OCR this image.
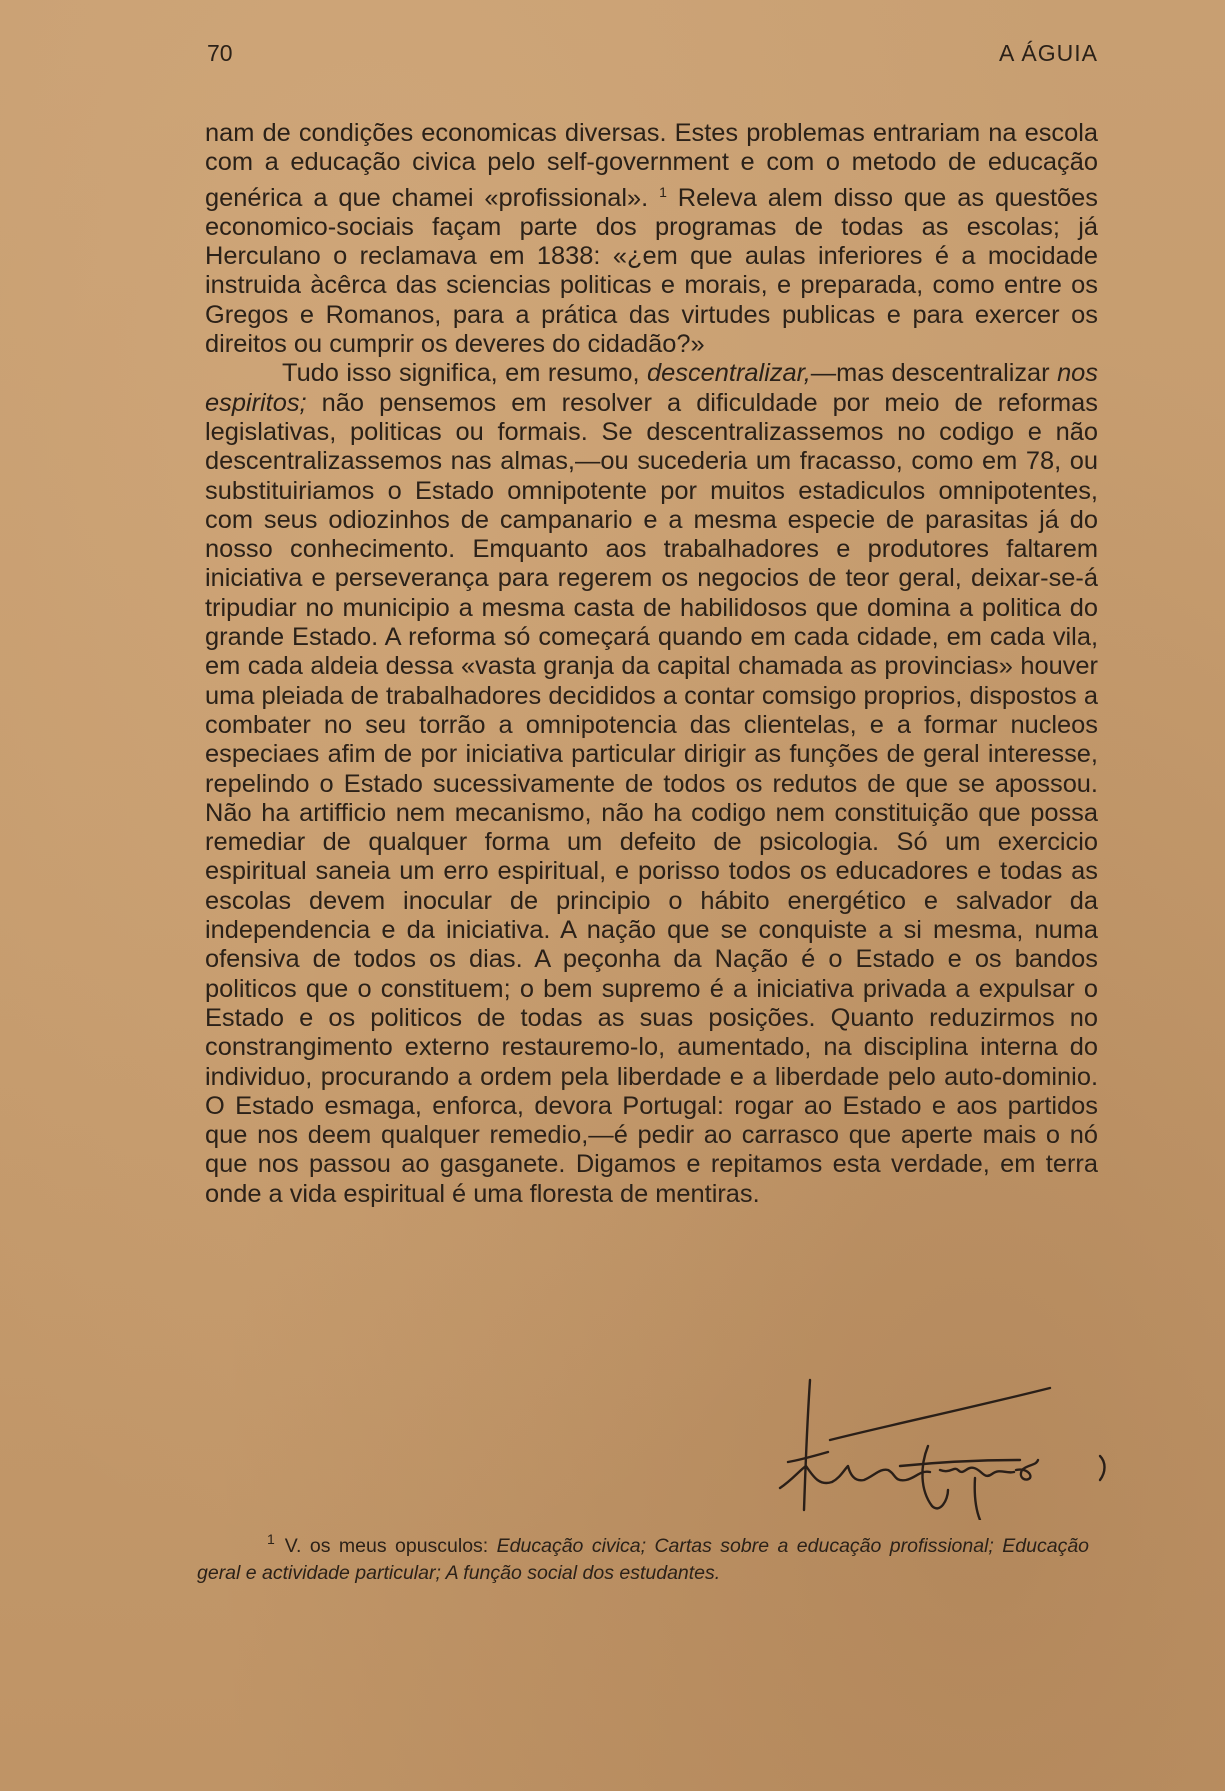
70	A ÁGUIA

nam de condições economicas diversas. Estes problemas entrariam na escola com a educação civica pelo self-government e com o metodo de educação genérica a que chamei «profissional». $^1$ Releva alem disso que as questões economico-sociais façam parte dos programas de todas as escolas; já Herculano o reclamava em 1838: «¿em que aulas inferiores é a mocidade instruida àcêrca das sciencias politicas e morais, e preparada, como entre os Gregos e Romanos, para a prática das virtudes publicas e para exercer os direitos ou cumprir os deveres do cidadão?»

Tudo isso significa, em resumo, descentralizar,—mas descentralizar nos espiritos; não pensemos em resolver a dificuldade por meio de reformas legislativas, politicas ou formais. Se descentralizassemos no codigo e não descentralizassemos nas almas,—ou sucederia um fracasso, como em 78, ou substituiriamos o Estado omnipotente por muitos estadiculos omnipotentes, com seus odiozinhos de campanario e a mesma especie de parasitas já do nosso conhecimento. Emquanto aos trabalhadores e produtores faltarem iniciativa e perseverança para regerem os negocios de teor geral, deixar-se-á tripudiar no municipio a mesma casta de habilidosos que domina a politica do grande Estado. A reforma só começará quando em cada cidade, em cada vila, em cada aldeia dessa «vasta granja da capital chamada as provincias» houver uma pleiada de trabalhadores decididos a contar comsigo proprios, dispostos a combater no seu torrão a omnipotencia das clientelas, e a formar nucleos especiaes afim de por iniciativa particular dirigir as funções de geral interesse, repelindo o Estado sucessivamente de todos os redutos de que se apossou. Não ha artifficio nem mecanismo, não ha codigo nem constituição que possa remediar de qualquer forma um defeito de psicologia. Só um exercicio espiritual saneia um erro espiritual, e porisso todos os educadores e todas as escolas devem inocular de principio o hábito energético e salvador da independencia e da iniciativa. A nação que se conquiste a si mesma, numa ofensiva de todos os dias. A peçonha da Nação é o Estado e os bandos politicos que o constituem; o bem supremo é a iniciativa privada a expulsar o Estado e os politicos de todas as suas posições. Quanto reduzirmos no constrangimento externo restauremo-lo, aumentado, na disciplina interna do individuo, procurando a ordem pela liberdade e a liberdade pelo auto-dominio. O Estado esmaga, enforca, devora Portugal: rogar ao Estado e aos partidos que nos deem qualquer remedio,—é pedir ao carrasco que aperte mais o nó que nos passou ao gasganete. Digamos e repitamos esta verdade, em terra onde a vida espiritual é uma floresta de mentiras.

$^1$ V. os meus opusculos: Educação civica; Cartas sobre a educação profissional; Educação geral e actividade particular; A função social dos estudantes.
